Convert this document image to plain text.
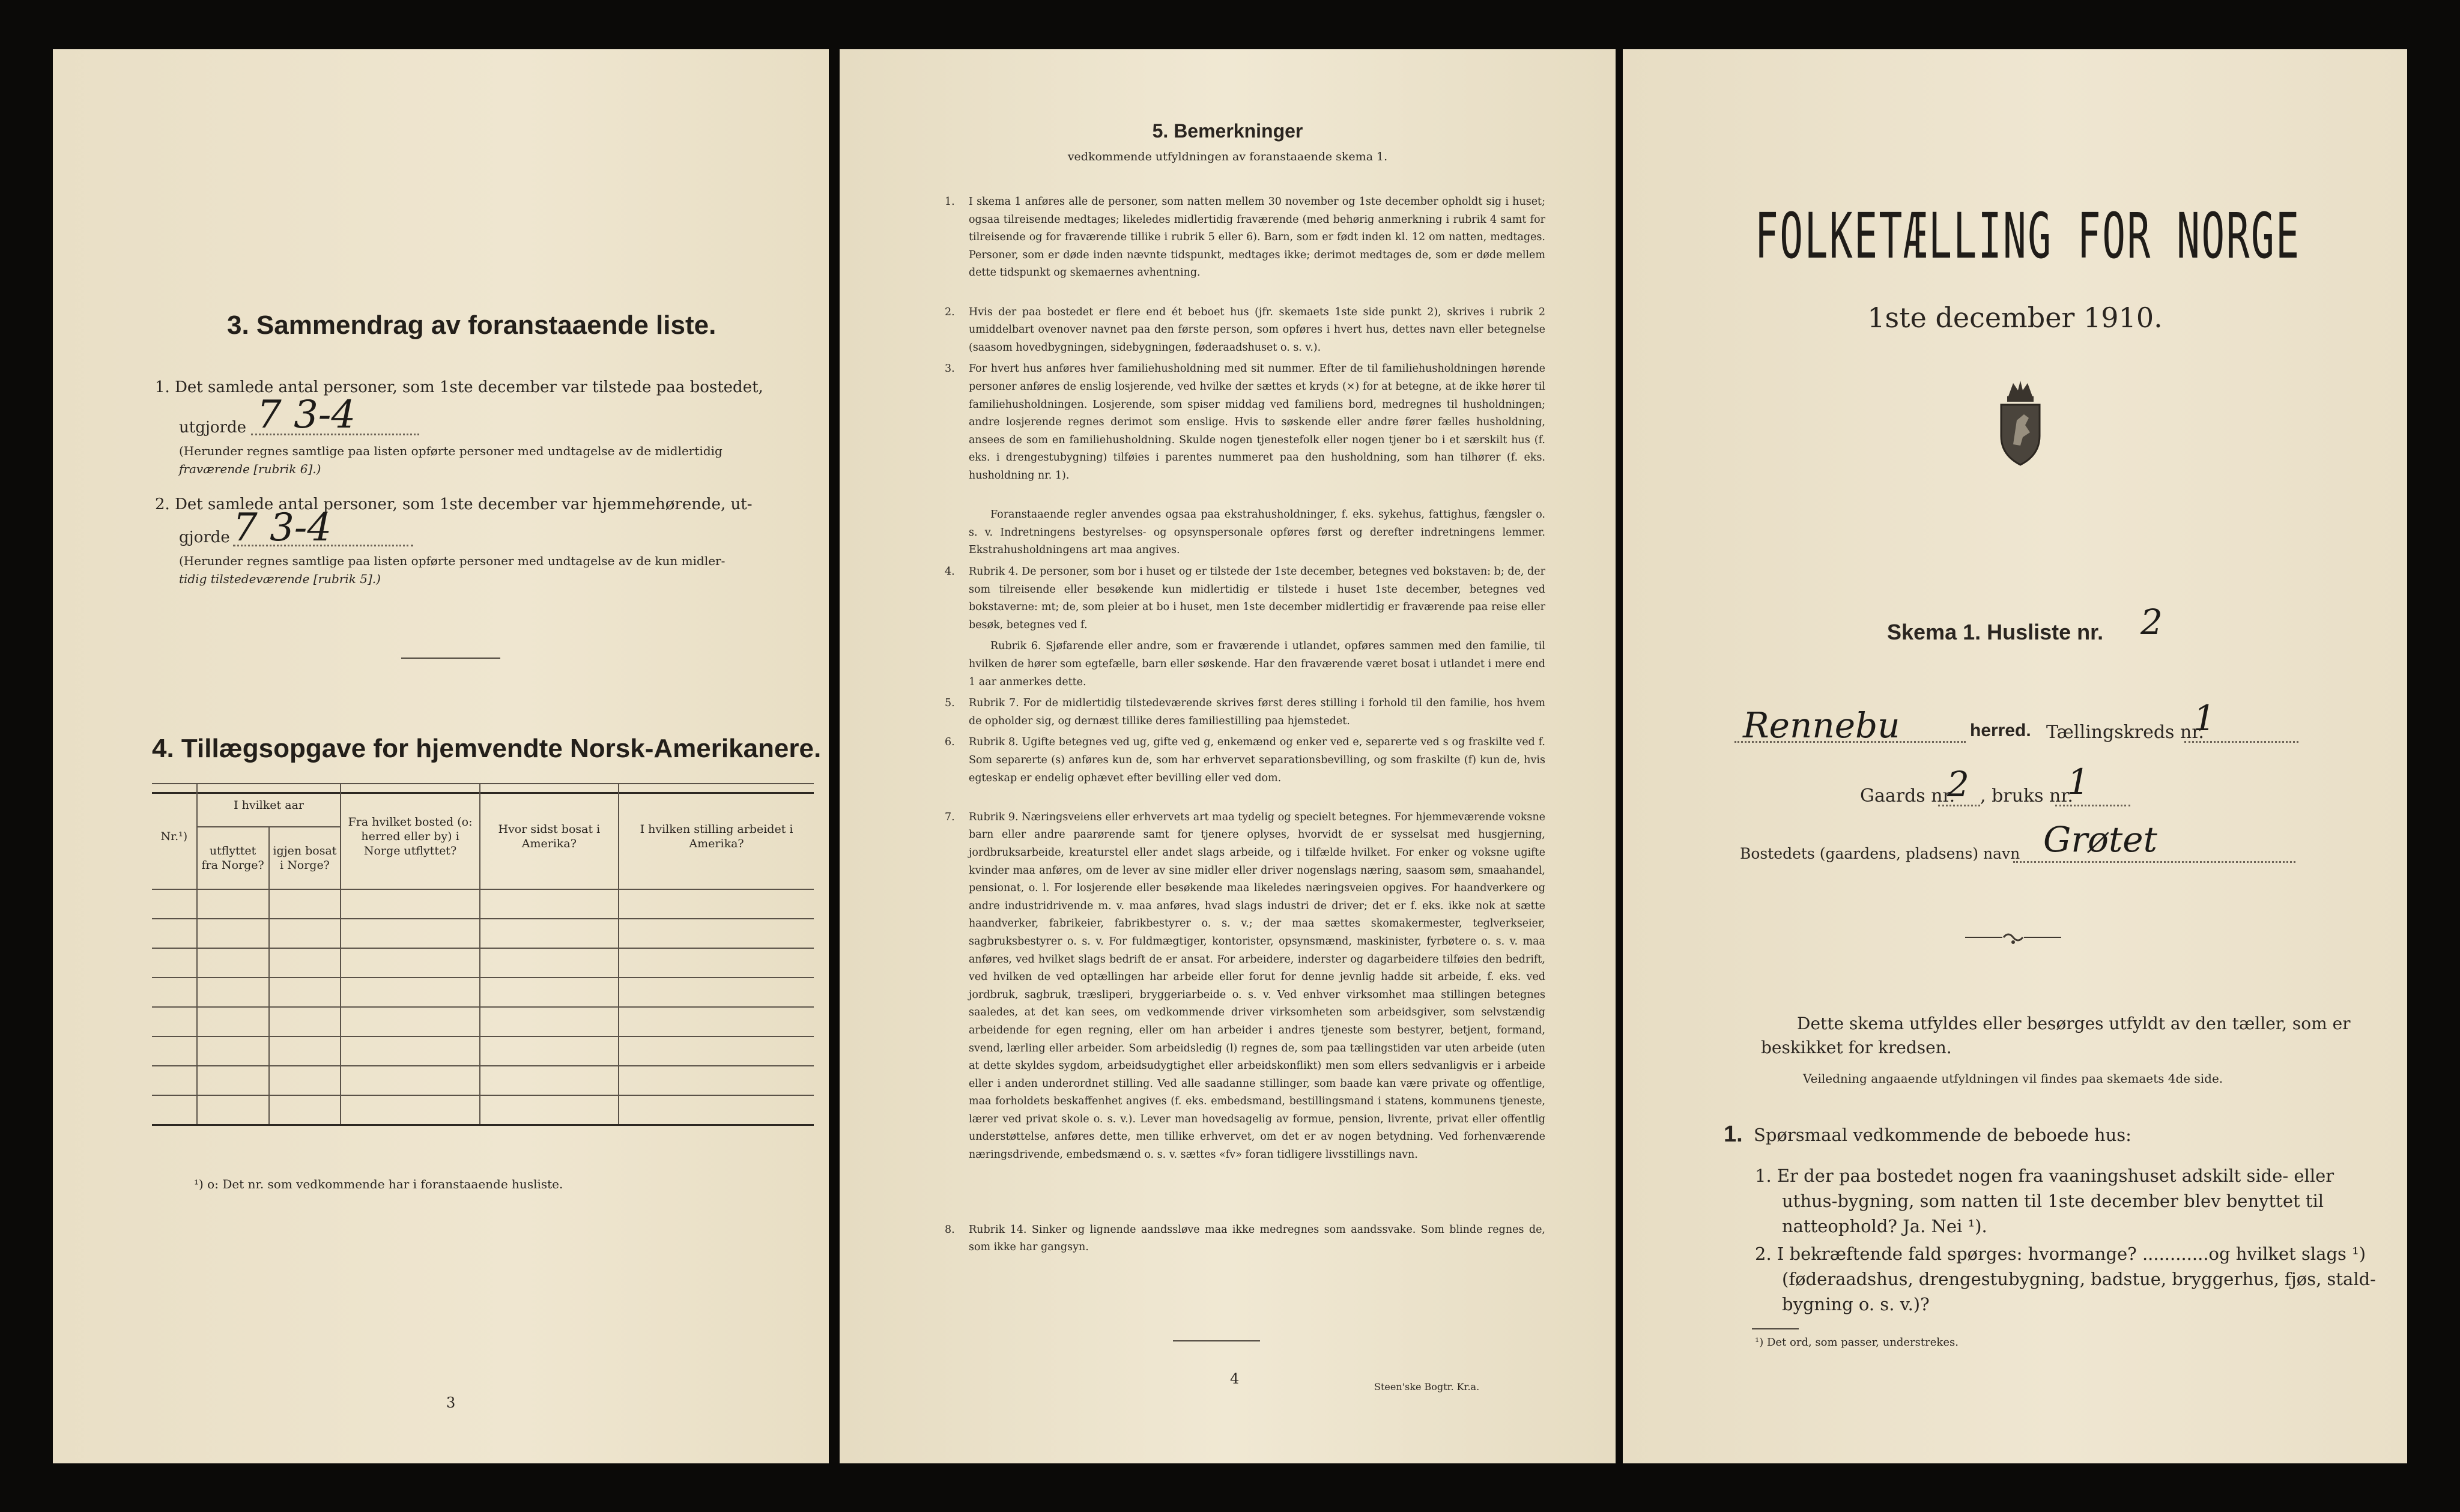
3. Sammendrag av foranstaaende liste.
1. Det samlede antal personer, som 1ste december var tilstede paa bostedet,
utgjorde 7 3-4
(Herunder regnes samtlige paa listen opførte personer med undtagelse av de midlertidig
fraværende [rubrik 6].)
2. Det samlede antal personer, som 1ste december var hjemmehørende, ut-
gjorde 7 3-4
(Herunder regnes samtlige paa listen opførte personer med undtagelse av de kun midler-
tidig tilstedeværende [rubrik 5].)
4. Tillægsopgave for hjemvendte Norsk-Amerikanere.
Nr.¹)	I hvilket aar		Fra hvilket bosted (o: herred eller by) i Norge utflyttet?	Hvor sidst bosat i Amerika?	I hvilken stilling arbeidet i Amerika?
	utflyttet fra Norge?	igjen bosat i Norge?			

¹) o: Det nr. som vedkommende har i foranstaaende husliste.
3
5. Bemerkninger
vedkommende utfyldningen av foranstaaende skema 1.
1. I skema 1 anføres alle de personer, som natten mellem 30 november og 1ste december opholdt sig i huset; ogsaa tilreisende medtages; likeledes midlertidig fraværende (med behørig anmerkning i rubrik 4 samt for tilreisende og for fraværende tillike i rubrik 5 eller 6). Barn, som er født inden kl. 12 om natten, medtages. Personer, som er døde inden nævnte tidspunkt, medtages ikke; derimot medtages de, som er døde mellem dette tidspunkt og skemaernes avhentning.

2. Hvis der paa bostedet er flere end ét beboet hus (jfr. skemaets 1ste side punkt 2), skrives i rubrik 2 umiddelbart ovenover navnet paa den første person, som opføres i hvert hus, dettes navn eller betegnelse (saasom hovedbygningen, sidebygningen, føderaadshuset o. s. v.).

3. For hvert hus anføres hver familiehusholdning med sit nummer. Efter de til familiehusholdningen hørende personer anføres de enslig losjerende, ved hvilke der sættes et kryds (×) for at betegne, at de ikke hører til familiehusholdningen. Losjerende, som spiser middag ved familiens bord, medregnes til husholdningen; andre losjerende regnes derimot som enslige. Hvis to søskende eller andre fører fælles husholdning, ansees de som en familiehusholdning. Skulde nogen tjenestefolk eller nogen tjener bo i et særskilt hus (f. eks. i drengestubygning) tilføies i parentes nummeret paa den husholdning, som han tilhører (f. eks. husholdning nr. 1).

Foranstaaende regler anvendes ogsaa paa ekstrahusholdninger, f. eks. sykehus, fattighus, fængsler o. s. v. Indretningens bestyrelses- og opsynspersonale opføres først og derefter indretningens lemmer. Ekstrahusholdningens art maa angives.

4. Rubrik 4. De personer, som bor i huset og er tilstede der 1ste december, betegnes ved bokstaven: b; de, der som tilreisende eller besøkende kun midlertidig er tilstede i huset 1ste december, betegnes ved bokstaverne: mt; de, som pleier at bo i huset, men 1ste december midlertidig er fraværende paa reise eller besøk, betegnes ved f.

Rubrik 6. Sjøfarende eller andre, som er fraværende i utlandet, opføres sammen med den familie, til hvilken de hører som egtefælle, barn eller søskende. Har den fraværende været bosat i utlandet i mere end 1 aar anmerkes dette.

5. Rubrik 7. For de midlertidig tilstedeværende skrives først deres stilling i forhold til den familie, hos hvem de opholder sig, og dernæst tillike deres familiestilling paa hjemstedet.

6. Rubrik 8. Ugifte betegnes ved ug, gifte ved g, enkemænd og enker ved e, separerte ved s og fraskilte ved f. Som separerte (s) anføres kun de, som har erhvervet separationsbevilling, og som fraskilte (f) kun de, hvis egteskap er endelig ophævet efter bevilling eller ved dom.

7. Rubrik 9. Næringsveiens eller erhvervets art maa tydelig og specielt betegnes. For hjemmeværende voksne barn eller andre paarørende samt for tjenere oplyses, hvorvidt de er sysselsat med husgjerning, jordbruksarbeide, kreaturstel eller andet slags arbeide, og i tilfælde hvilket. For enker og voksne ugifte kvinder maa anføres, om de lever av sine midler eller driver nogenslags næring, saasom søm, smaahandel, pensionat, o. l. For losjerende eller besøkende maa likeledes næringsveien opgives. For haandverkere og andre industridrivende m. v. maa anføres, hvad slags industri de driver; det er f. eks. ikke nok at sætte haandverker, fabrikeier, fabrikbestyrer o. s. v.; der maa sættes skomakermester, teglverkseier, sagbruksbestyrer o. s. v. For fuldmægtiger, kontorister, opsynsmænd, maskinister, fyrbøtere o. s. v. maa anføres, ved hvilket slags bedrift de er ansat. For arbeidere, inderster og dagarbeidere tilføies den bedrift, ved hvilken de ved optællingen har arbeide eller forut for denne jevnlig hadde sit arbeide, f. eks. ved jordbruk, sagbruk, træsliperi, bryggeriarbeide o. s. v. Ved enhver virksomhet maa stillingen betegnes saaledes, at det kan sees, om vedkommende driver virksomheten som arbeidsgiver, som selvstændig arbeidende for egen regning, eller om han arbeider i andres tjeneste som bestyrer, betjent, formand, svend, lærling eller arbeider. Som arbeidsledig (l) regnes de, som paa tællingstiden var uten arbeide (uten at dette skyldes sygdom, arbeidsudygtighet eller arbeidskonflikt) men som ellers sedvanligvis er i arbeide eller i anden underordnet stilling. Ved alle saadanne stillinger, som baade kan være private og offentlige, maa forholdets beskaffenhet angives (f. eks. embedsmand, bestillingsmand i statens, kommunens tjeneste, lærer ved privat skole o. s. v.). Lever man hovedsagelig av formue, pension, livrente, privat eller offentlig understøttelse, anføres dette, men tillike erhvervet, om det er av nogen betydning. Ved forhenværende næringsdrivende, embedsmænd o. s. v. sættes «fv» foran tidligere livsstillings navn.

8. Rubrik 14. Sinker og lignende aandssløve maa ikke medregnes som aandssvake. Som blinde regnes de, som ikke har gangsyn.

4	Steen'ske Bogtr. Kr.a.
FOLKETÆLLING FOR NORGE
1ste december 1910.
Skema 1. Husliste nr. 2
Rennebu	herred. Tællingskreds nr.
1
Gaards nr.
2 , bruks nr.
1
Bostedets (gaardens, pladsens) navn Grøtet
Dette skema utfyldes eller besørges utfyldt av den tæller, som er
beskikket for kredsen.
Veiledning angaaende utfyldningen vil findes paa skemaets 4de side.
1. Spørsmaal vedkommende de beboede hus:
1. Er der paa bostedet nogen fra vaaningshuset adskilt side- eller
uthus-bygning, som natten til 1ste december blev benyttet til
natteophold? Ja. Nei ¹).
2. I bekræftende fald spørges: hvormange? ............og hvilket slags ¹)
(føderaadshus, drengestubygning, badstue, bryggerhus, fjøs, stald-
bygning o. s. v.)?
¹) Det ord, som passer, understrekes.
